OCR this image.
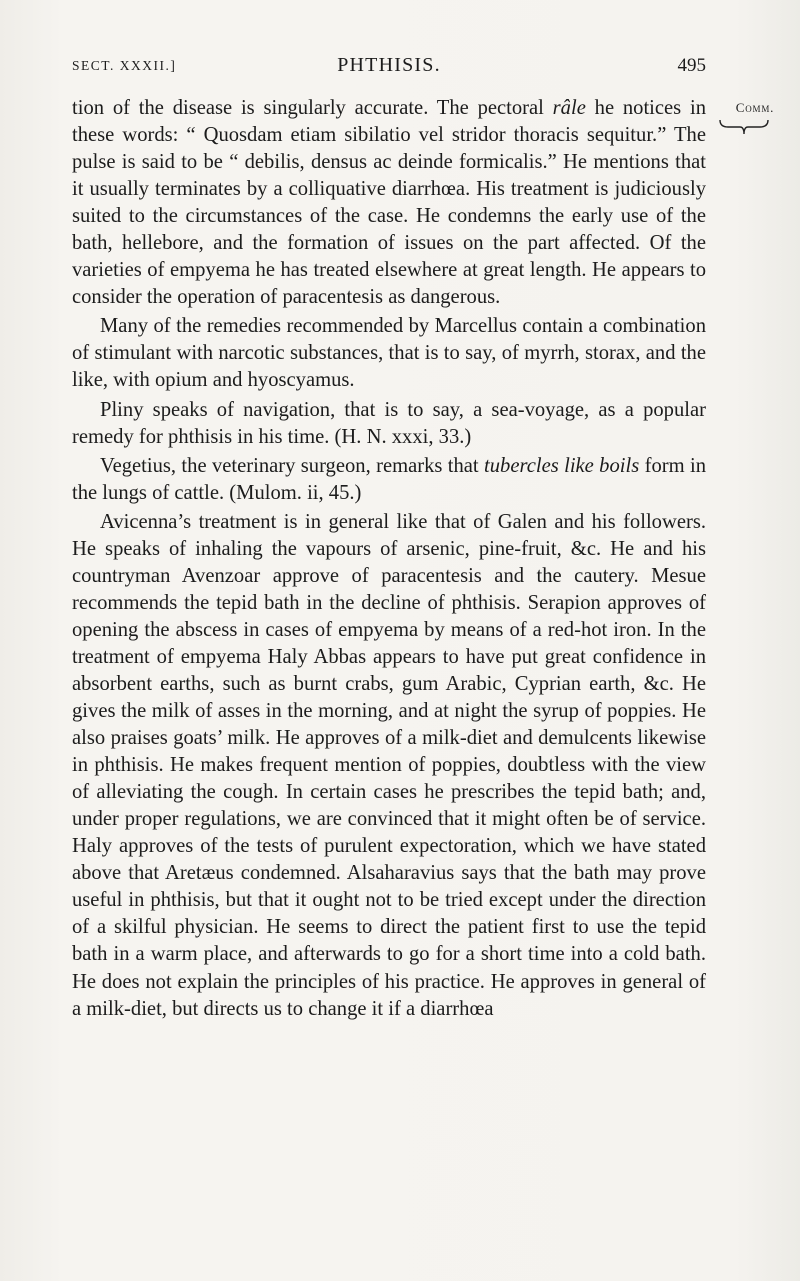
SECT. XXXII.]	PHTHISIS.	495
Comm.

tion of the disease is singularly accurate. The pectoral râle he notices in these words: “ Quosdam etiam sibilatio vel stridor thoracis sequitur.” The pulse is said to be “ debilis, densus ac deinde formicalis.” He mentions that it usually terminates by a colliquative diarrhœa. His treatment is judiciously suited to the circumstances of the case. He condemns the early use of the bath, hellebore, and the formation of issues on the part affected. Of the varieties of empyema he has treated elsewhere at great length. He appears to consider the operation of paracentesis as dangerous.

Many of the remedies recommended by Marcellus contain a combination of stimulant with narcotic substances, that is to say, of myrrh, storax, and the like, with opium and hyoscyamus.

Pliny speaks of navigation, that is to say, a sea-voyage, as a popular remedy for phthisis in his time. (H. N. xxxi, 33.)

Vegetius, the veterinary surgeon, remarks that tubercles like boils form in the lungs of cattle. (Mulom. ii, 45.)

Avicenna’s treatment is in general like that of Galen and his followers. He speaks of inhaling the vapours of arsenic, pine-fruit, &c. He and his countryman Avenzoar approve of paracentesis and the cautery. Mesue recommends the tepid bath in the decline of phthisis. Serapion approves of opening the abscess in cases of empyema by means of a red-hot iron. In the treatment of empyema Haly Abbas appears to have put great confidence in absorbent earths, such as burnt crabs, gum Arabic, Cyprian earth, &c. He gives the milk of asses in the morning, and at night the syrup of poppies. He also praises goats’ milk. He approves of a milk-diet and demulcents likewise in phthisis. He makes frequent mention of poppies, doubtless with the view of alleviating the cough. In certain cases he prescribes the tepid bath; and, under proper regulations, we are convinced that it might often be of service. Haly approves of the tests of purulent expectoration, which we have stated above that Aretæus condemned. Alsaharavius says that the bath may prove useful in phthisis, but that it ought not to be tried except under the direction of a skilful physician. He seems to direct the patient first to use the tepid bath in a warm place, and afterwards to go for a short time into a cold bath. He does not explain the principles of his practice. He approves in general of a milk-diet, but directs us to change it if a diarrhœa
